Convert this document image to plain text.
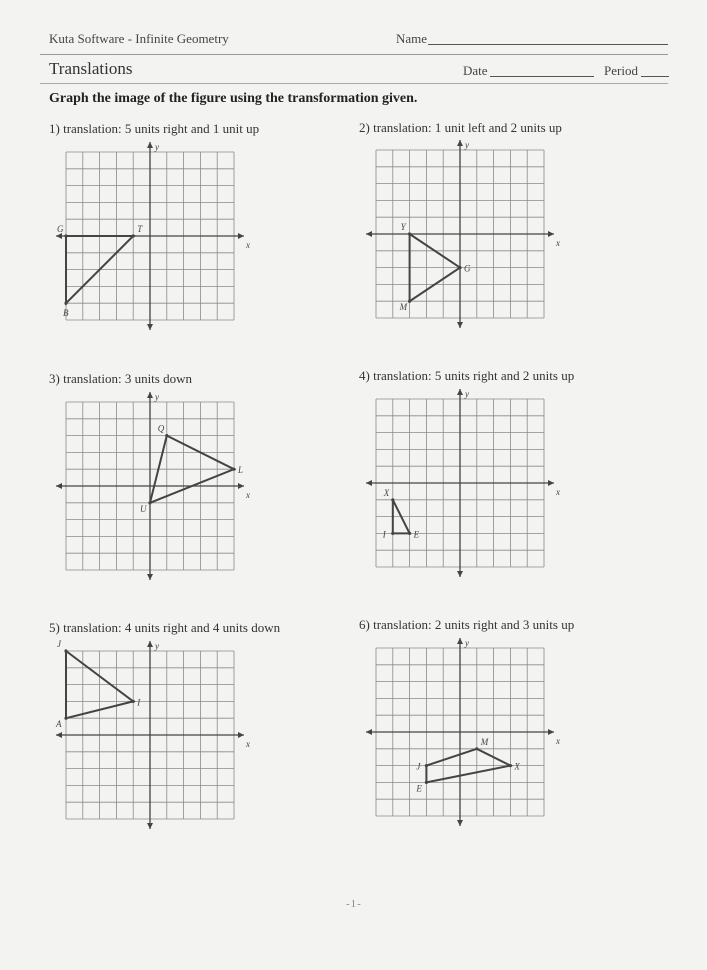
Kuta Software - Infinite Geometry	Name
Translations	Date	Period
Graph the image of the figure using the transformation given.
1) translation: 5 units right and 1 unit up
x
y
G	T
B
2) translation: 1 unit left and 2 units up
x
y
Y
G
M
3) translation: 3 units down
x
y
Q
L
U
4) translation: 5 units right and 2 units up
x
y
X
E
I
5) translation: 4 units right and 4 units down
x
y
J
I
A
6) translation: 2 units right and 3 units up
x
y
M
X
E
J
-1-
